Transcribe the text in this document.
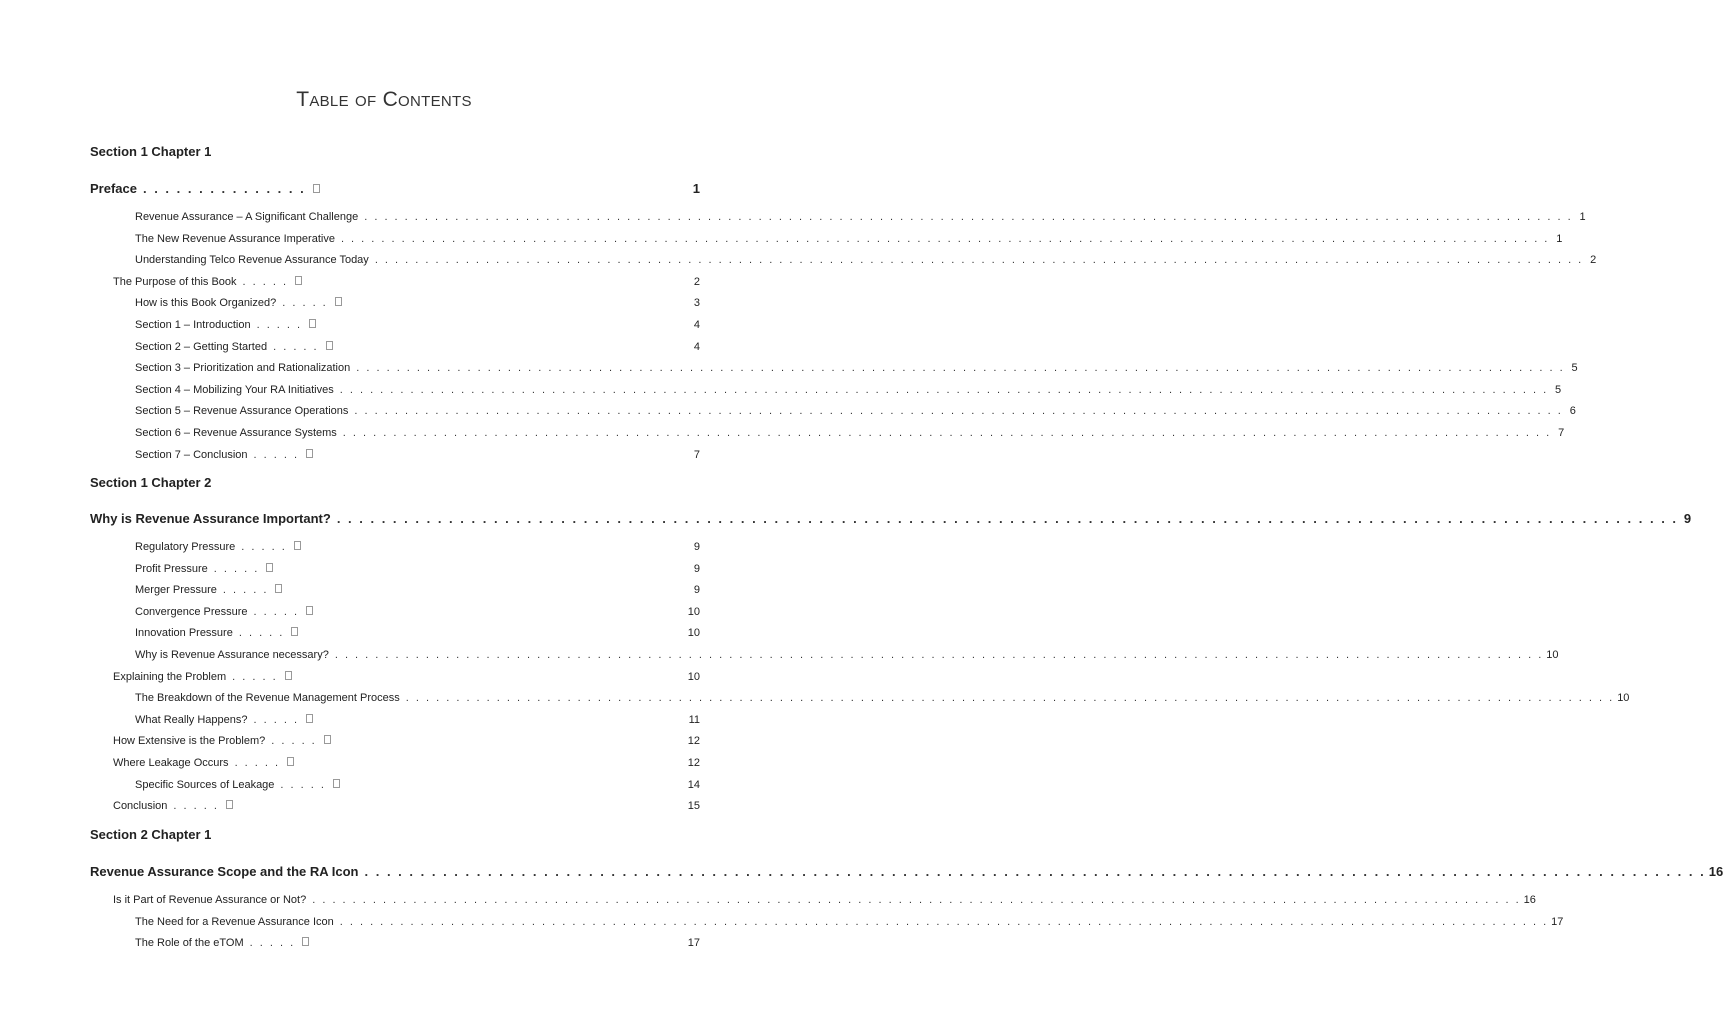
Table of Contents
Section 1 Chapter 1
Preface . . . . . . . . . . . . . . .	1
Revenue Assurance – A Significant Challenge . . . . . . . . . . . . . . . . . . . . . . . . . . . . . . . . . . . . . . . . . . . . . . . . . . . . . . . . . . . . . . . . . . . . . . . . . . . . . . . . . . . . . . . . . . . . . . . . . . . . . . . . . . . . . . . . . . . . . . . . 1
The New Revenue Assurance Imperative . . . . . . . . . . . . . . . . . . . . . . . . . . . . . . . . . . . . . . . . . . . . . . . . . . . . . . . . . . . . . . . . . . . . . . . . . . . . . . . . . . . . . . . . . . . . . . . . . . . . . . . . . . . . . . . . . . . . . . . . 1
Understanding Telco Revenue Assurance Today . . . . . . . . . . . . . . . . . . . . . . . . . . . . . . . . . . . . . . . . . . . . . . . . . . . . . . . . . . . . . . . . . . . . . . . . . . . . . . . . . . . . . . . . . . . . . . . . . . . . . . . . . . . . . . . . . . . . . . . . 2
The Purpose of this Book . . . . .	2
How is this Book Organized? . . . . .	3
Section 1 – Introduction . . . . .	4
Section 2 – Getting Started . . . . .	4
Section 3 – Prioritization and Rationalization . . . . . . . . . . . . . . . . . . . . . . . . . . . . . . . . . . . . . . . . . . . . . . . . . . . . . . . . . . . . . . . . . . . . . . . . . . . . . . . . . . . . . . . . . . . . . . . . . . . . . . . . . . . . . . . . . . . . . . . . 5
Section 4 – Mobilizing Your RA Initiatives . . . . . . . . . . . . . . . . . . . . . . . . . . . . . . . . . . . . . . . . . . . . . . . . . . . . . . . . . . . . . . . . . . . . . . . . . . . . . . . . . . . . . . . . . . . . . . . . . . . . . . . . . . . . . . . . . . . . . . . . 5
Section 5 – Revenue Assurance Operations . . . . . . . . . . . . . . . . . . . . . . . . . . . . . . . . . . . . . . . . . . . . . . . . . . . . . . . . . . . . . . . . . . . . . . . . . . . . . . . . . . . . . . . . . . . . . . . . . . . . . . . . . . . . . . . . . . . . . . . . 6
Section 6 – Revenue Assurance Systems . . . . . . . . . . . . . . . . . . . . . . . . . . . . . . . . . . . . . . . . . . . . . . . . . . . . . . . . . . . . . . . . . . . . . . . . . . . . . . . . . . . . . . . . . . . . . . . . . . . . . . . . . . . . . . . . . . . . . . . . 7
Section 7 – Conclusion . . . . .	7
Section 1 Chapter 2
Why is Revenue Assurance Important? . . . . . . . . . . . . . . . . . . . . . . . . . . . . . . . . . . . . . . . . . . . . . . . . . . . . . . . . . . . . . . . . . . . . . . . . . . . . . . . . . . . . . . . . . . . . . . . . . . . . . . . . . . . . . . . . . . . . . . . . 9
Regulatory Pressure . . . . .	9
Profit Pressure . . . . .	9
Merger Pressure . . . . .	9
Convergence Pressure . . . . .	10
Innovation Pressure . . . . .	10
Why is Revenue Assurance necessary? . . . . . . . . . . . . . . . . . . . . . . . . . . . . . . . . . . . . . . . . . . . . . . . . . . . . . . . . . . . . . . . . . . . . . . . . . . . . . . . . . . . . . . . . . . . . . . . . . . . . . . . . . . . . . . . . . . . . . . . . 10
Explaining the Problem . . . . .	10
The Breakdown of the Revenue Management Process . . . . . . . . . . . . . . . . . . . . . . . . . . . . . . . . . . . . . . . . . . . . . . . . . . . . . . . . . . . . . . . . . . . . . . . . . . . . . . . . . . . . . . . . . . . . . . . . . . . . . . . . . . . . . . . . . . . . . . . . 10
What Really Happens? . . . . .	11
How Extensive is the Problem? . . . . .	12
Where Leakage Occurs . . . . .	12
Specific Sources of Leakage . . . . .	14
Conclusion . . . . .	15
Section 2 Chapter 1
Revenue Assurance Scope and the RA Icon . . . . . . . . . . . . . . . . . . . . . . . . . . . . . . . . . . . . . . . . . . . . . . . . . . . . . . . . . . . . . . . . . . . . . . . . . . . . . . . . . . . . . . . . . . . . . . . . . . . . . . . . . . . . . . . . . . . . . . . . 16
Is it Part of Revenue Assurance or Not? . . . . . . . . . . . . . . . . . . . . . . . . . . . . . . . . . . . . . . . . . . . . . . . . . . . . . . . . . . . . . . . . . . . . . . . . . . . . . . . . . . . . . . . . . . . . . . . . . . . . . . . . . . . . . . . . . . . . . . . . 16
The Need for a Revenue Assurance Icon . . . . . . . . . . . . . . . . . . . . . . . . . . . . . . . . . . . . . . . . . . . . . . . . . . . . . . . . . . . . . . . . . . . . . . . . . . . . . . . . . . . . . . . . . . . . . . . . . . . . . . . . . . . . . . . . . . . . . . . . 17
The Role of the eTOM . . . . .	17
